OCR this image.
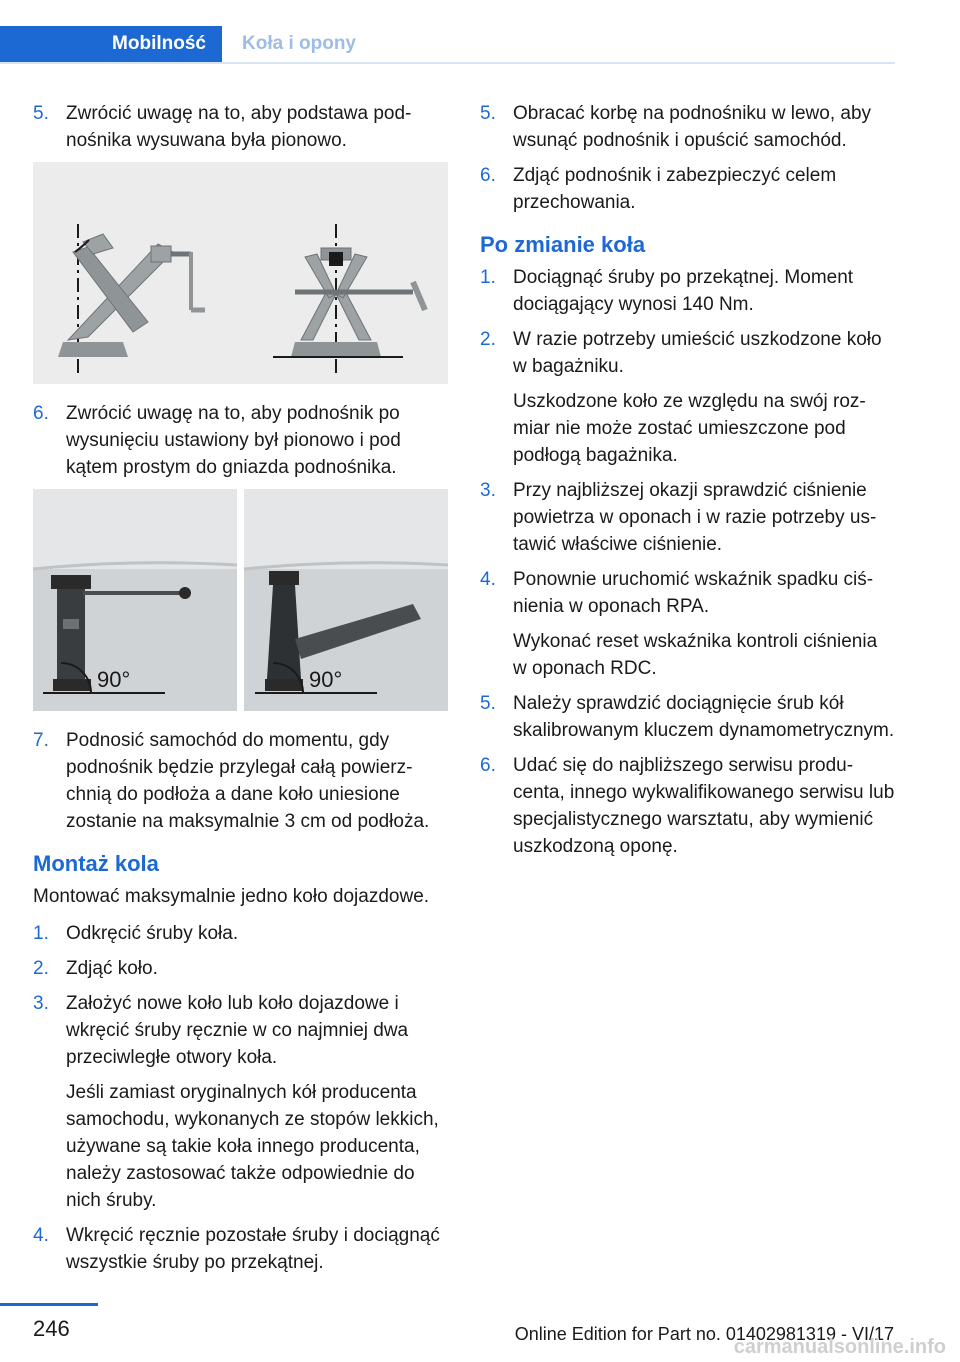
Mobilność	Koła i opony
5. Zwrócić uwagę na to, aby podstawa podnośnika wysuwana była pionowo.
6. Zwrócić uwagę na to, aby podnośnik po wysunięciu ustawiony był pionowo i pod kątem prostym do gniazda podnośnika.
90°	90°
7. Podnosić samochód do momentu, gdy podnośnik będzie przylegał całą powierzchnią do podłoża a dane koło uniesione zostanie na maksymalnie 3 cm od podłoża.
Montaż kola

Montować maksymalnie jedno koło dojazdowe.

1. Odkręcić śruby koła.
2. Zdjąć koło.
3. Założyć nowe koło lub koło dojazdowe i wkręcić śruby ręcznie w co najmniej dwa przeciwległe otwory koła.

Jeśli zamiast oryginalnych kół producenta samochodu, wykonanych ze stopów lekkich, używane są takie koła innego producenta, należy zastosować także odpowiednie do nich śruby.

4. Wkręcić ręcznie pozostałe śruby i dociągnąć wszystkie śruby po przekątnej.
5. Obracać korbę na podnośniku w lewo, aby wsunąć podnośnik i opuścić samochód.
6. Zdjąć podnośnik i zabezpieczyć celem przechowania.
Po zmianie koła
1. Dociągnąć śruby po przekątnej. Moment dociągający wynosi 140 Nm.
2. W razie potrzeby umieścić uszkodzone koło w bagażniku.

Uszkodzone koło ze względu na swój rozmiar nie może zostać umieszczone pod podłogą bagażnika.

3. Przy najbliższej okazji sprawdzić ciśnienie powietrza w oponach i w razie potrzeby ustawić właściwe ciśnienie.
4. Ponownie uruchomić wskaźnik spadku ciśnienia w oponach RPA.

Wykonać reset wskaźnika kontroli ciśnienia w oponach RDC.

5. Należy sprawdzić dociągnięcie śrub kół skalibrowanym kluczem dynamometrycznym.
6. Udać się do najbliższego serwisu producenta, innego wykwalifikowanego serwisu lub specjalistycznego warsztatu, aby wymienić uszkodzoną oponę.
246	Online Edition for Part no. 01402981319 - VI/17
carmanualsonline.info
